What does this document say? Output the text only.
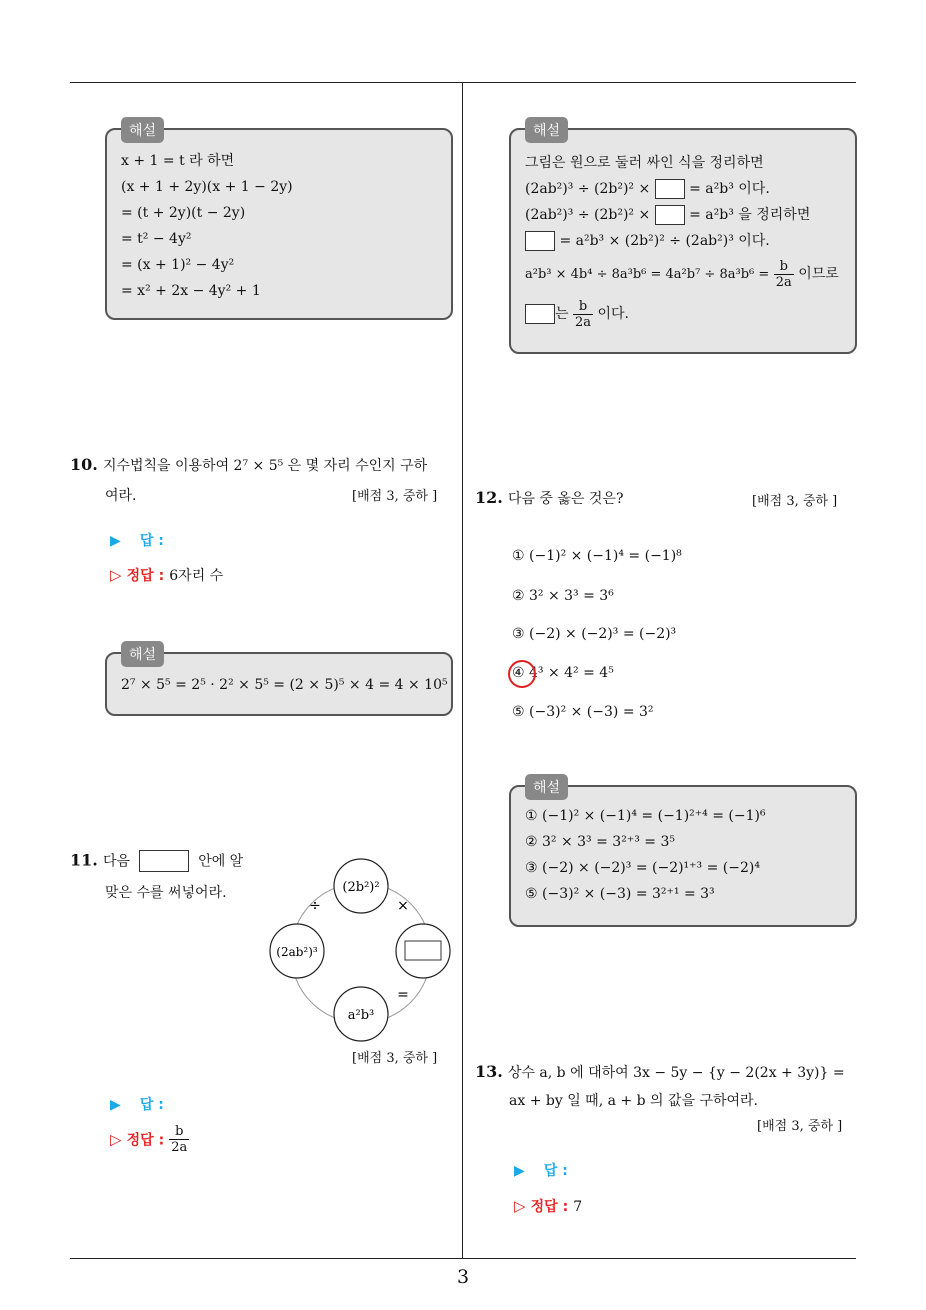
해설
x + 1 = t 라 하면
(x + 1 + 2y)(x + 1 − 2y)
= (t + 2y)(t − 2y)
= t² − 4y²
= (x + 1)² − 4y²
= x² + 2x − 4y² + 1
10. 지수법칙을 이용하여 2⁷ × 5⁵ 은 몇 자리 수인지 구하
여라.	[배점 3, 중하 ]
▶ 답 :
▷ 정답 : 6자리 수
해설
2⁷ × 5⁵ = 2⁵ · 2² × 5⁵ = (2 × 5)⁵ × 4 = 4 × 10⁵
11. 다음	안에 알
맞은 수를 써넣어라.	(2b²)²
(2ab²)³
a²b³
÷	×
=
[배점 3, 중하 ]
▶ 답 :
▷ 정답 : $\frac{b}{2a}$
해설
그림은 원으로 둘러 싸인 식을 정리하면
(2ab²)³ ÷ (2b²)² ×	= a²b³ 이다.
(2ab²)³ ÷ (2b²)² ×	= a²b³ 을 정리하면
= a²b³ × (2b²)² ÷ (2ab²)³ 이다.
$a^2b^3 \times 4b^4 \div 8a^3b^6 = 4a^2b^7 \div 8a^3b^6 = \frac{b}{2a}$ 이므로
는 $\frac{b}{2a}$ 이다.
12. 다음 중 옳은 것은?	[배점 3, 중하 ]
① (−1)² × (−1)⁴ = (−1)⁸
② 3² × 3³ = 3⁶
③ (−2) × (−2)³ = (−2)³
④ 4³ × 4² = 4⁵
⑤ (−3)² × (−3) = 3²
해설
① (−1)² × (−1)⁴ = (−1)²⁺⁴ = (−1)⁶
② 3² × 3³ = 3²⁺³ = 3⁵
③ (−2) × (−2)³ = (−2)¹⁺³ = (−2)⁴
⑤ (−3)² × (−3) = 3²⁺¹ = 3³
13. 상수 a, b 에 대하여 3x − 5y − {y − 2(2x + 3y)} =
ax + by 일 때, a + b 의 값을 구하여라.
[배점 3, 중하 ]
▶ 답 :
▷ 정답 : 7
3
